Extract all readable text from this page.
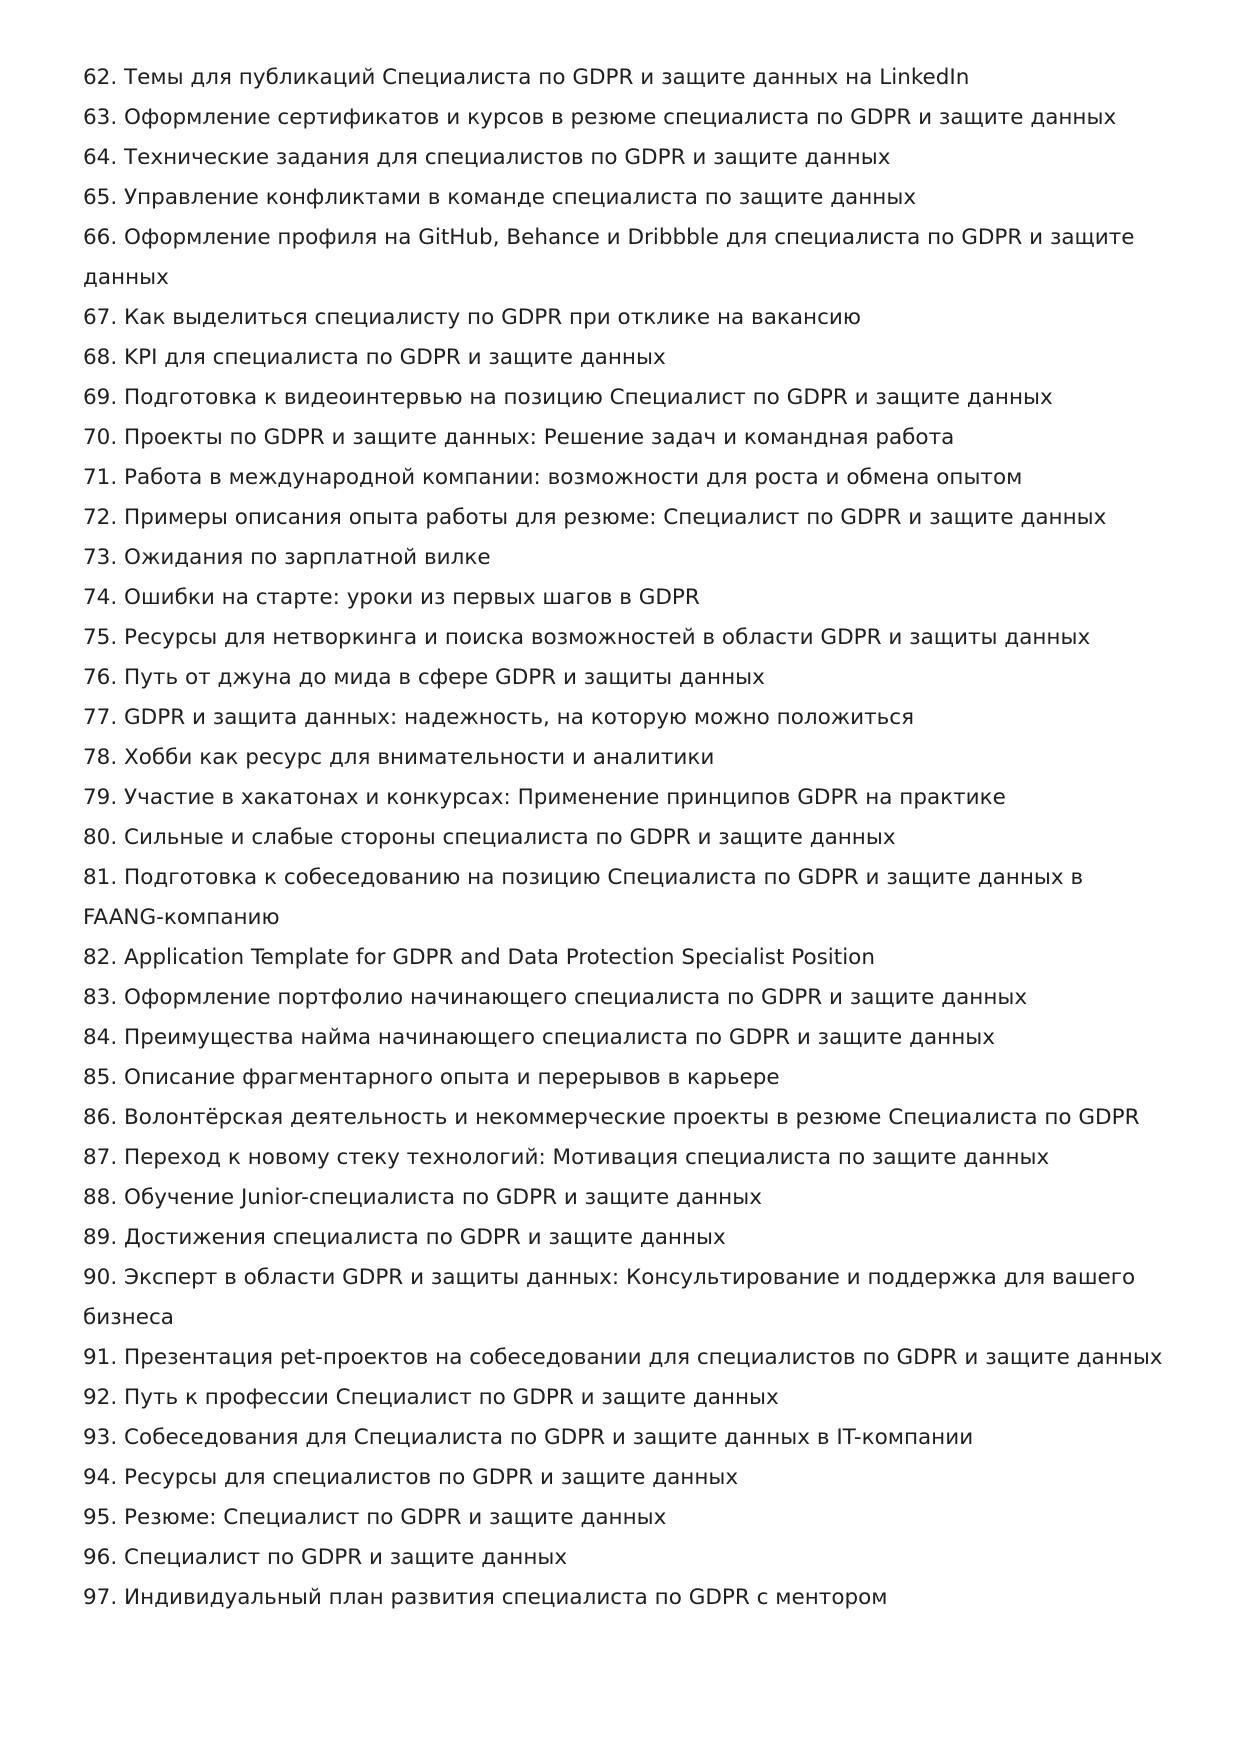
62. Темы для публикаций Специалиста по GDPR и защите данных на LinkedIn
63. Оформление сертификатов и курсов в резюме специалиста по GDPR и защите данных
64. Технические задания для специалистов по GDPR и защите данных
65. Управление конфликтами в команде специалиста по защите данных
66. Оформление профиля на GitHub, Behance и Dribbble для специалиста по GDPR и защите данных
67. Как выделиться специалисту по GDPR при отклике на вакансию
68. KPI для специалиста по GDPR и защите данных
69. Подготовка к видеоинтервью на позицию Специалист по GDPR и защите данных
70. Проекты по GDPR и защите данных: Решение задач и командная работа
71. Работа в международной компании: возможности для роста и обмена опытом
72. Примеры описания опыта работы для резюме: Специалист по GDPR и защите данных
73. Ожидания по зарплатной вилке
74. Ошибки на старте: уроки из первых шагов в GDPR
75. Ресурсы для нетворкинга и поиска возможностей в области GDPR и защиты данных
76. Путь от джуна до мида в сфере GDPR и защиты данных
77. GDPR и защита данных: надежность, на которую можно положиться
78. Хобби как ресурс для внимательности и аналитики
79. Участие в хакатонах и конкурсах: Применение принципов GDPR на практике
80. Сильные и слабые стороны специалиста по GDPR и защите данных
81. Подготовка к собеседованию на позицию Специалиста по GDPR и защите данных в FAANG-компанию
82. Application Template for GDPR and Data Protection Specialist Position
83. Оформление портфолио начинающего специалиста по GDPR и защите данных
84. Преимущества найма начинающего специалиста по GDPR и защите данных
85. Описание фрагментарного опыта и перерывов в карьере
86. Волонтёрская деятельность и некоммерческие проекты в резюме Специалиста по GDPR
87. Переход к новому стеку технологий: Мотивация специалиста по защите данных
88. Обучение Junior-специалиста по GDPR и защите данных
89. Достижения специалиста по GDPR и защите данных
90. Эксперт в области GDPR и защиты данных: Консультирование и поддержка для вашего бизнеса
91. Презентация pet-проектов на собеседовании для специалистов по GDPR и защите данных
92. Путь к профессии Специалист по GDPR и защите данных
93. Собеседования для Специалиста по GDPR и защите данных в IT-компании
94. Ресурсы для специалистов по GDPR и защите данных
95. Резюме: Специалист по GDPR и защите данных
96. Специалист по GDPR и защите данных
97. Индивидуальный план развития специалиста по GDPR с ментором
